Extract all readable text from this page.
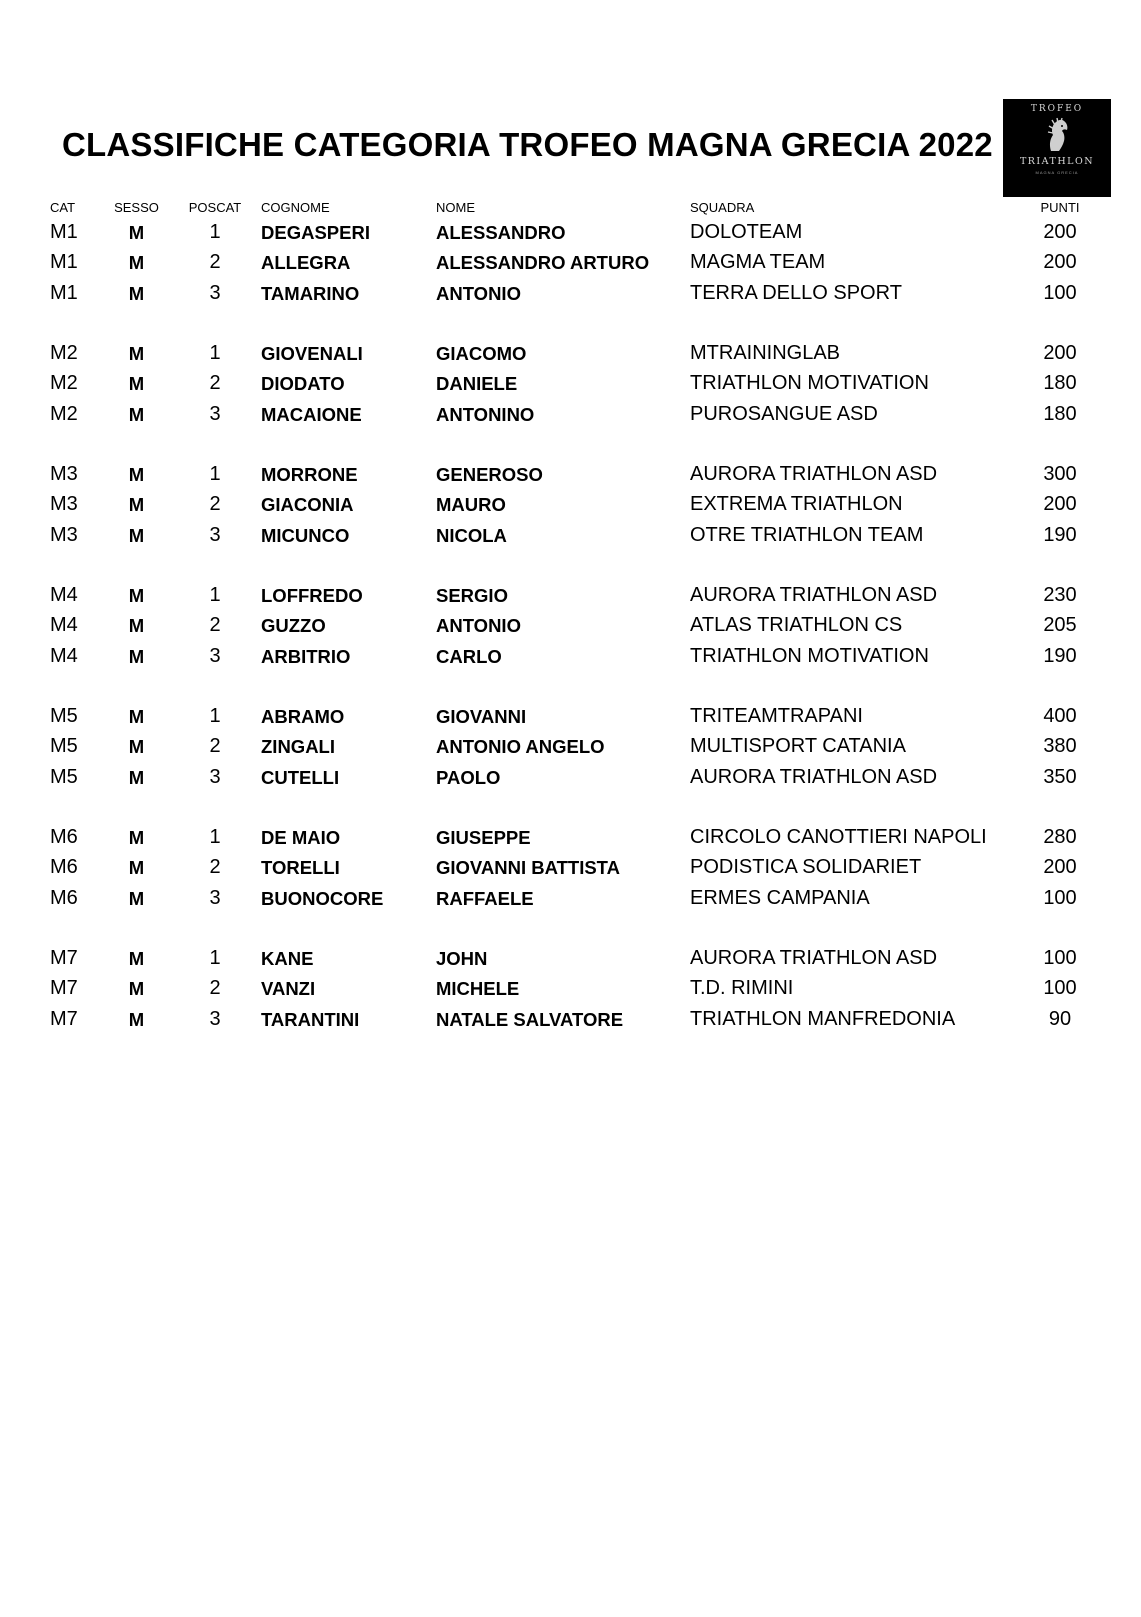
CLASSIFICHE CATEGORIA TROFEO MAGNA GRECIA 2022
TROFEO
TRIATHLON
MAGNA GRECIA
CAT	SESSO	POSCAT	COGNOME	NOME	SQUADRA	PUNTI
M1	M	1	DEGASPERI	ALESSANDRO	DOLOTEAM	200
M1	M	2	ALLEGRA	ALESSANDRO ARTURO	MAGMA TEAM	200
M1	M	3	TAMARINO	ANTONIO	TERRA DELLO SPORT	100
M2	M	1	GIOVENALI	GIACOMO	MTRAININGLAB	200
M2	M	2	DIODATO	DANIELE	TRIATHLON MOTIVATION	180
M2	M	3	MACAIONE	ANTONINO	PUROSANGUE ASD	180
M3	M	1	MORRONE	GENEROSO	AURORA TRIATHLON ASD	300
M3	M	2	GIACONIA	MAURO	EXTREMA TRIATHLON	200
M3	M	3	MICUNCO	NICOLA	OTRE TRIATHLON TEAM	190
M4	M	1	LOFFREDO	SERGIO	AURORA TRIATHLON ASD	230
M4	M	2	GUZZO	ANTONIO	ATLAS TRIATHLON CS	205
M4	M	3	ARBITRIO	CARLO	TRIATHLON MOTIVATION	190
M5	M	1	ABRAMO	GIOVANNI	TRITEAMTRAPANI	400
M5	M	2	ZINGALI	ANTONIO ANGELO	MULTISPORT CATANIA	380
M5	M	3	CUTELLI	PAOLO	AURORA TRIATHLON ASD	350
M6	M	1	DE MAIO	GIUSEPPE	CIRCOLO CANOTTIERI NAPOLI	280
M6	M	2	TORELLI	GIOVANNI BATTISTA	PODISTICA SOLIDARIET	200
M6	M	3	BUONOCORE	RAFFAELE	ERMES CAMPANIA	100
M7	M	1	KANE	JOHN	AURORA TRIATHLON ASD	100
M7	M	2	VANZI	MICHELE	T.D. RIMINI	100
M7	M	3	TARANTINI	NATALE SALVATORE	TRIATHLON MANFREDONIA	90
